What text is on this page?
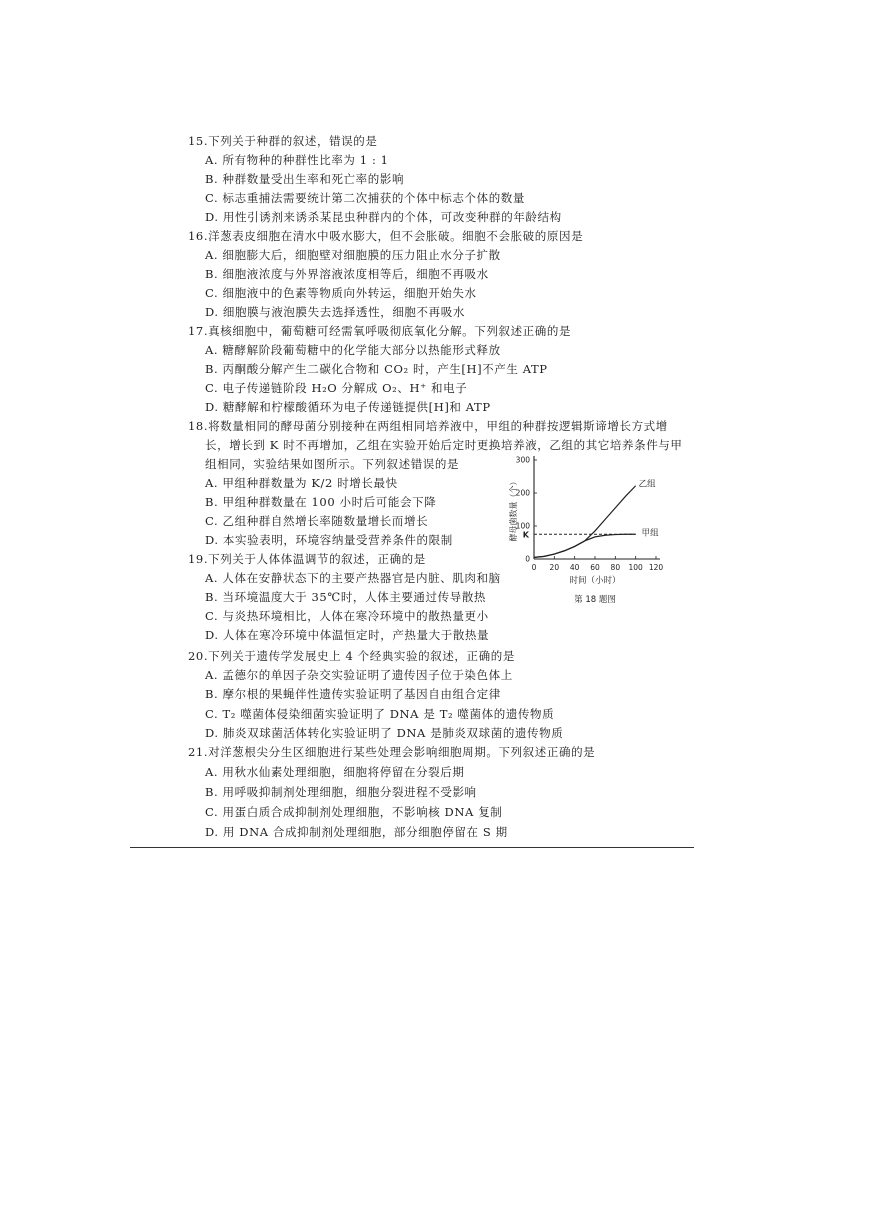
15.下列关于种群的叙述，错误的是
A. 所有物种的种群性比率为 1 : 1
B. 种群数量受出生率和死亡率的影响
C. 标志重捕法需要统计第二次捕获的个体中标志个体的数量
D. 用性引诱剂来诱杀某昆虫种群内的个体，可改变种群的年龄结构
16.洋葱表皮细胞在清水中吸水膨大，但不会胀破。细胞不会胀破的原因是
A. 细胞膨大后，细胞壁对细胞膜的压力阻止水分子扩散
B. 细胞液浓度与外界溶液浓度相等后，细胞不再吸水
C. 细胞液中的色素等物质向外转运，细胞开始失水
D. 细胞膜与液泡膜失去选择透性，细胞不再吸水
17.真核细胞中，葡萄糖可经需氧呼吸彻底氧化分解。下列叙述正确的是
A. 糖酵解阶段葡萄糖中的化学能大部分以热能形式释放
B. 丙酮酸分解产生二碳化合物和 CO₂ 时，产生[H]不产生 ATP
C. 电子传递链阶段 H₂O 分解成 O₂、H⁺ 和电子
D. 糖酵解和柠檬酸循环为电子传递链提供[H]和 ATP
18.将数量相同的酵母菌分别接种在两组相同培养液中，甲组的种群按逻辑斯谛增长方式增
长，增长到 K 时不再增加，乙组在实验开始后定时更换培养液，乙组的其它培养条件与甲
组相同，实验结果如图所示。下列叙述错误的是
A. 甲组种群数量为 K/2 时增长最快
B. 甲组种群数量在 100 小时后可能会下降
C. 乙组种群自然增长率随数量增长而增长
D. 本实验表明，环境容纳量受营养条件的限制
19.下列关于人体体温调节的叙述，正确的是
A. 人体在安静状态下的主要产热器官是内脏、肌肉和脑
B. 当环境温度大于 35℃时，人体主要通过传导散热
C. 与炎热环境相比，人体在寒冷环境中的散热量更小
D. 人体在寒冷环境中体温恒定时，产热量大于散热量
20.下列关于遗传学发展史上 4 个经典实验的叙述，正确的是
A. 孟德尔的单因子杂交实验证明了遗传因子位于染色体上
B. 摩尔根的果蝇伴性遗传实验证明了基因自由组合定律
C. T₂ 噬菌体侵染细菌实验证明了 DNA 是 T₂ 噬菌体的遗传物质
D. 肺炎双球菌活体转化实验证明了 DNA 是肺炎双球菌的遗传物质
21.对洋葱根尖分生区细胞进行某些处理会影响细胞周期。下列叙述正确的是
A. 用秋水仙素处理细胞，细胞将停留在分裂后期
B. 用呼吸抑制剂处理细胞，细胞分裂进程不受影响
C. 用蛋白质合成抑制剂处理细胞，不影响核 DNA 复制
D. 用 DNA 合成抑制剂处理细胞，部分细胞停留在 S 期
0 20 40 60 80 100 120
0
100
200
300
K
乙组
甲组
时间（小时）
酵母菌数量（个）
第 18 题图
